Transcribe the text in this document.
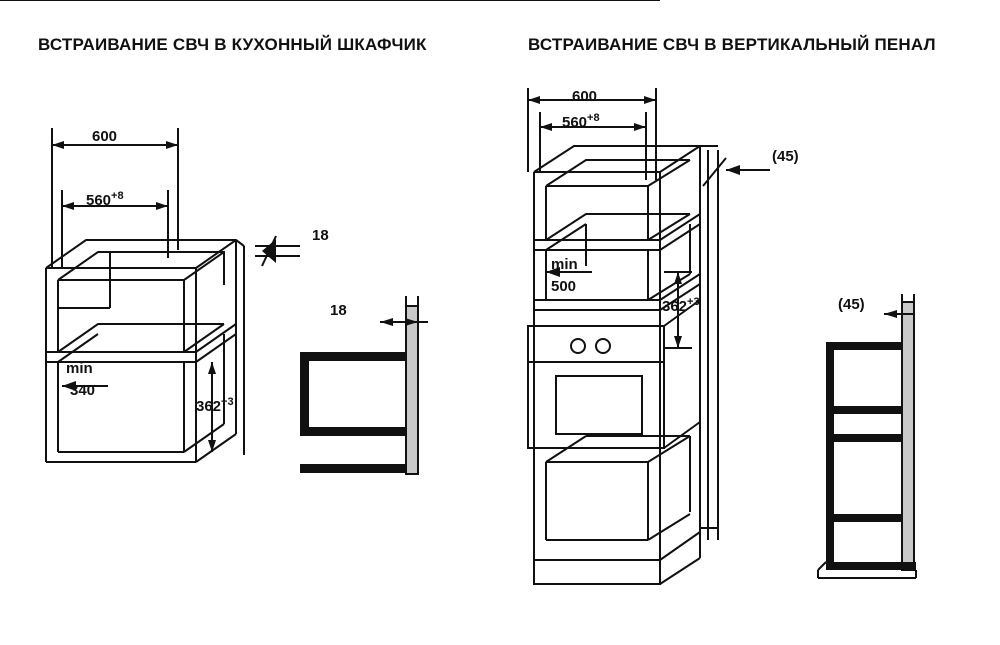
ВСТРАИВАНИЕ СВЧ В КУХОННЫЙ ШКАФЧИК	ВСТРАИВАНИЕ СВЧ В ВЕРТИКАЛЬНЫЙ ПЕНАЛ
600
$560^{+8}$
18
18
min
340
$362^{+3}$
600
$560^{+8}$
(45)
min
500
$362^{+3}$	(45)
